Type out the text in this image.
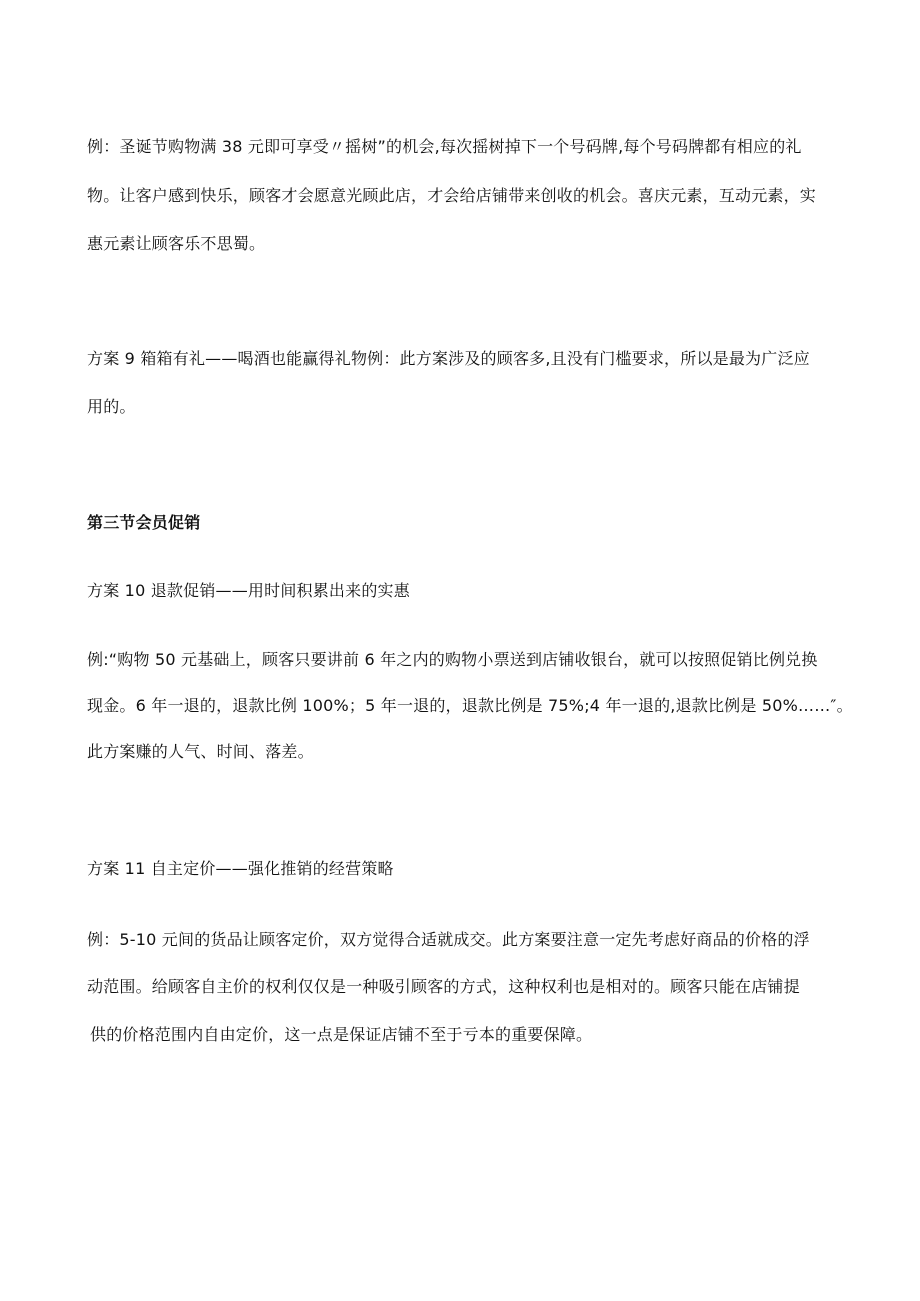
例：圣诞节购物满 38 元即可享受〃摇树”的机会,每次摇树掉下一个号码牌,每个号码牌都有相应的礼
物。让客户感到快乐，顾客才会愿意光顾此店，才会给店铺带来创收的机会。喜庆元素，互动元素，实
惠元素让顾客乐不思蜀。
方案 9 箱箱有礼——喝酒也能赢得礼物例：此方案涉及的顾客多,且没有门槛要求，所以是最为广泛应
用的。
第三节会员促销
方案 10 退款促销——用时间积累出来的实惠
例:“购物 50 元基础上，顾客只要讲前 6 年之内的购物小票送到店铺收银台，就可以按照促销比例兑换
现金。6 年一退的，退款比例 100%；5 年一退的，退款比例是 75%;4 年一退的,退款比例是 50%……″。
此方案赚的人气、时间、落差。
方案 11 自主定价——强化推销的经营策略
例：5-10 元间的货品让顾客定价，双方觉得合适就成交。此方案要注意一定先考虑好商品的价格的浮
动范围。给顾客自主价的权利仅仅是一种吸引顾客的方式，这种权利也是相对的。顾客只能在店铺提
供的价格范围内自由定价，这一点是保证店铺不至于亏本的重要保障。
